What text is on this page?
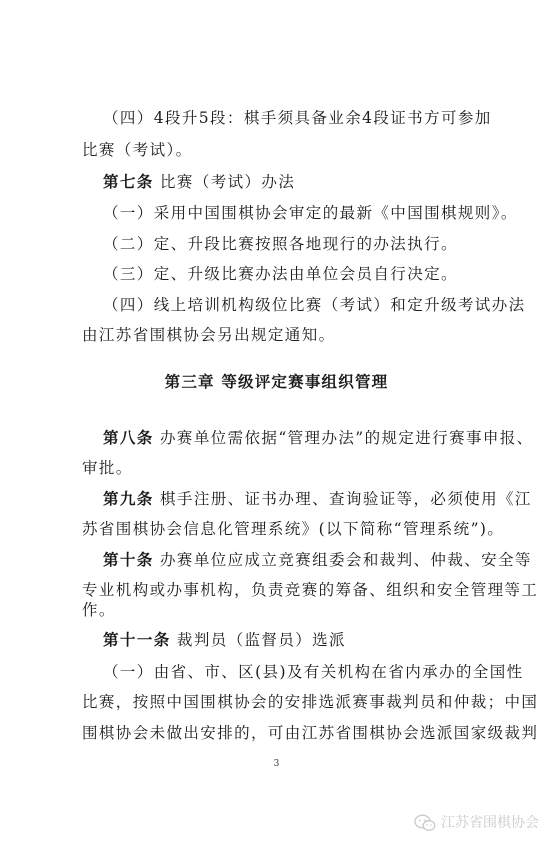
（四）4段升5段：棋手须具备业余4段证书方可参加
比赛（考试）。
第七条 比赛（考试）办法
（一）采用中国围棋协会审定的最新《中国围棋规则》。
（二）定、升段比赛按照各地现行的办法执行。
（三）定、升级比赛办法由单位会员自行决定。
（四）线上培训机构级位比赛（考试）和定升级考试办法
由江苏省围棋协会另出规定通知。
第三章 等级评定赛事组织管理
第八条 办赛单位需依据“管理办法”的规定进行赛事申报、
审批。
第九条 棋手注册、证书办理、查询验证等，必须使用《江
苏省围棋协会信息化管理系统》(以下简称“管理系统”)。
第十条 办赛单位应成立竞赛组委会和裁判、仲裁、安全等
专业机构或办事机构，负责竞赛的筹备、组织和安全管理等工
作。
第十一条 裁判员（监督员）选派
（一）由省、市、区(县)及有关机构在省内承办的全国性
比赛，按照中国围棋协会的安排选派赛事裁判员和仲裁；中国
围棋协会未做出安排的，可由江苏省围棋协会选派国家级裁判
3
江苏省围棋协会
